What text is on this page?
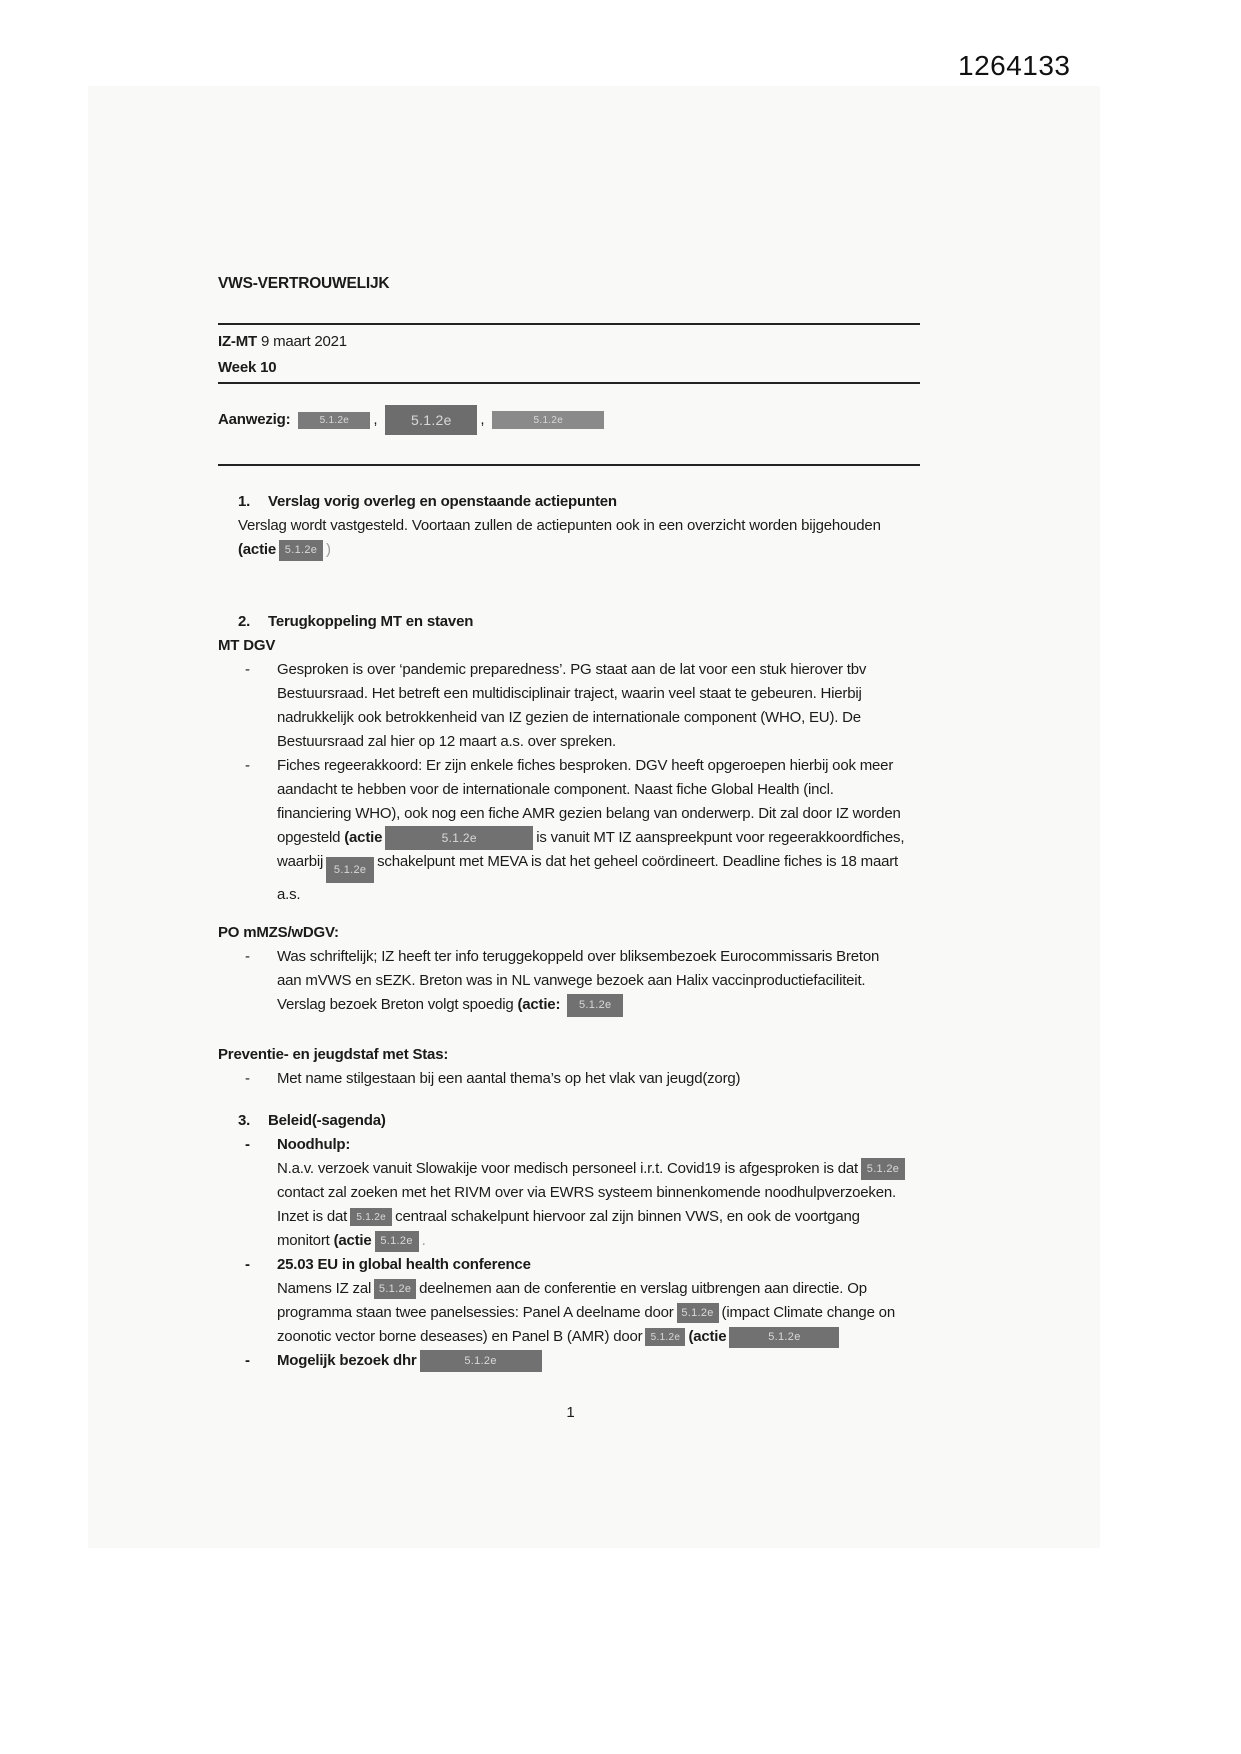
1264133
VWS-VERTROUWELIJK
IZ-MT 9 maart 2021
Week 10
Aanwezig:	5.1.2e	,	5.1.2e	,	5.1.2e
1. Verslag vorig overleg en openstaande actiepunten
Verslag wordt vastgesteld. Voortaan zullen de actiepunten ook in een overzicht worden bijgehouden
(actie 5.1.2e )
2. Terugkoppeling MT en staven
MT DGV
- Gesproken is over ‘pandemic preparedness’. PG staat aan de lat voor een stuk hierover tbv
Bestuursraad. Het betreft een multidisciplinair traject, waarin veel staat te gebeuren. Hierbij
nadrukkelijk ook betrokkenheid van IZ gezien de internationale component (WHO, EU). De
Bestuursraad zal hier op 12 maart a.s. over spreken.
- Fiches regeerakkoord: Er zijn enkele fiches besproken. DGV heeft opgeroepen hierbij ook meer
aandacht te hebben voor de internationale component. Naast fiche Global Health (incl.
financiering WHO), ook nog een fiche AMR gezien belang van onderwerp. Dit zal door IZ worden
opgesteld (actie	5.1.2e	is vanuit MT IZ aanspreekpunt voor regeerakkoordfiches,
waarbij 5.1.2e schakelpunt met MEVA is dat het geheel coördineert. Deadline fiches is 18 maart
a.s.
PO mMZS/wDGV:
- Was schriftelijk; IZ heeft ter info teruggekoppeld over bliksembezoek Eurocommissaris Breton
aan mVWS en sEZK. Breton was in NL vanwege bezoek aan Halix vaccinproductiefaciliteit.
Verslag bezoek Breton volgt spoedig (actie: 5.1.2e
Preventie- en jeugdstaf met Stas:
- Met name stilgestaan bij een aantal thema’s op het vlak van jeugd(zorg)
3. Beleid(-sagenda)
- Noodhulp:
N.a.v. verzoek vanuit Slowakije voor medisch personeel i.r.t. Covid19 is afgesproken is dat 5.1.2e
contact zal zoeken met het RIVM over via EWRS systeem binnenkomende noodhulpverzoeken.
Inzet is dat 5.1.2e centraal schakelpunt hiervoor zal zijn binnen VWS, en ook de voortgang
monitort (actie 5.1.2e .
- 25.03 EU in global health conference
Namens IZ zal 5.1.2e deelnemen aan de conferentie en verslag uitbrengen aan directie. Op
programma staan twee panelsessies: Panel A deelname door 5.1.2e (impact Climate change on
zoonotic vector borne deseases) en Panel B (AMR) door 5.1.2e (actie	5.1.2e
- Mogelijk bezoek dhr	5.1.2e
1
